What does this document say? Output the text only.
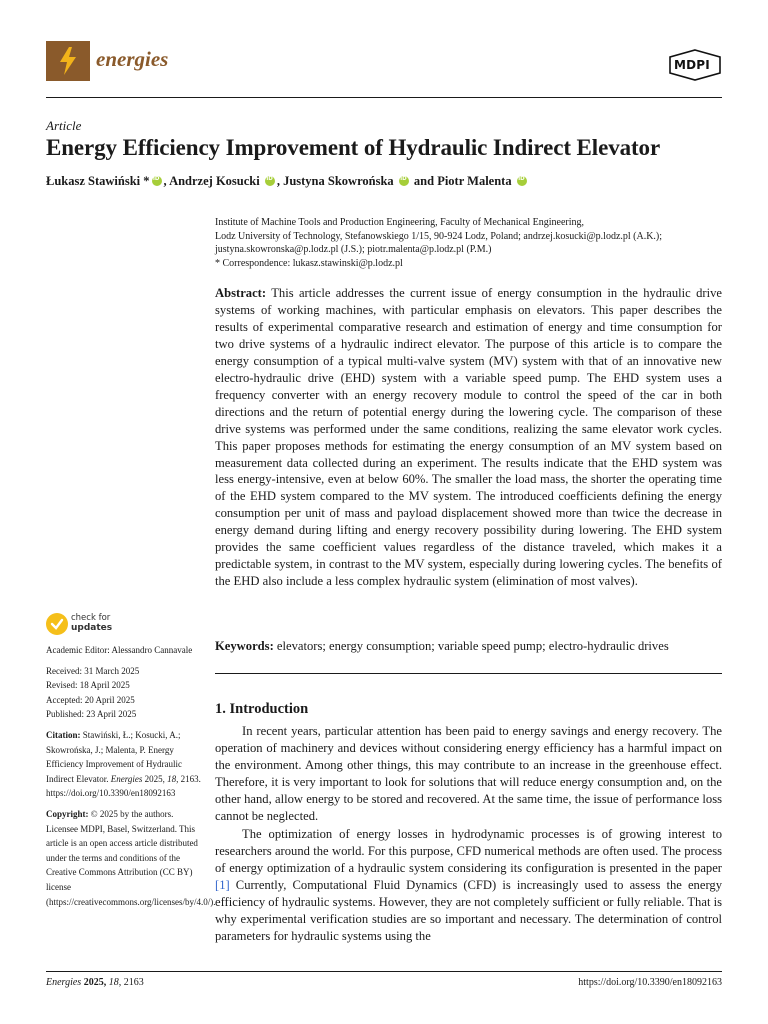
energies	MDPI
Article
Energy Efficiency Improvement of Hydraulic Indirect Elevator
Łukasz Stawiński * iD , Andrzej Kosucki iD , Justyna Skowrońska iD and Piotr Malenta iD
Institute of Machine Tools and Production Engineering, Faculty of Mechanical Engineering,
Lodz University of Technology, Stefanowskiego 1/15, 90-924 Lodz, Poland; andrzej.kosucki@p.lodz.pl (A.K.);
justyna.skowronska@p.lodz.pl (J.S.); piotr.malenta@p.lodz.pl (P.M.)
* Correspondence: lukasz.stawinski@p.lodz.pl
Abstract: This article addresses the current issue of energy consumption in the hydraulic drive systems of working machines, with particular emphasis on elevators. This paper describes the results of experimental comparative research and estimation of energy and time consumption for two drive systems of a hydraulic indirect elevator. The purpose of this article is to compare the energy consumption of a typical multi-valve system (MV) system with that of an innovative new electro-hydraulic drive (EHD) system with a variable speed pump. The EHD system uses a frequency converter with an energy recovery module to control the speed of the car in both directions and the return of potential energy during the lowering cycle. The comparison of these drive systems was performed under the same conditions, realizing the same elevator work cycles. This paper proposes methods for estimating the energy consumption of an MV system based on measurement data collected during an experiment. The results indicate that the EHD system was less energy-intensive, even at below 60%. The smaller the load mass, the shorter the operating time of the EHD system compared to the MV system. The introduced coefficients defining the energy consumption per unit of mass and payload displacement showed more than twice the decrease in energy demand during lifting and energy recovery possibility during lowering. The EHD system provides the same coefficient values regardless of the distance traveled, which makes it a predictable system, in contrast to the MV system, especially during lowering cycles. The benefits of the EHD also include a less complex hydraulic system (elimination of most valves).
Keywords: elevators; energy consumption; variable speed pump; electro-hydraulic drives
1. Introduction

In recent years, particular attention has been paid to energy savings and energy recovery. The operation of machinery and devices without considering energy efficiency has a harmful impact on the environment. Among other things, this may contribute to an increase in the greenhouse effect. Therefore, it is very important to look for solutions that will reduce energy consumption and, on the other hand, allow energy to be stored and recovered. At the same time, the issue of performance loss cannot be neglected.

The optimization of energy losses in hydrodynamic processes is of growing interest to researchers around the world. For this purpose, CFD numerical methods are often used. The process of energy optimization of a hydraulic system considering its configuration is presented in the paper [1] Currently, Computational Fluid Dynamics (CFD) is increasingly used to assess the energy efficiency of hydraulic systems. However, they are not completely sufficient or fully reliable. That is why experimental verification studies are so important and necessary. The determination of control parameters for hydraulic systems using the

check for
updates
Academic Editor: Alessandro Cannavale
Received: 31 March 2025
Revised: 18 April 2025
Accepted: 20 April 2025
Published: 23 April 2025
Citation: Stawiński, Ł.; Kosucki, A.; Skowrońska, J.; Malenta, P. Energy Efficiency Improvement of Hydraulic Indirect Elevator. Energies 2025, 18, 2163. https://doi.org/10.3390/en18092163
Copyright: © 2025 by the authors. Licensee MDPI, Basel, Switzerland. This article is an open access article distributed under the terms and conditions of the Creative Commons Attribution (CC BY) license (https://creativecommons.org/licenses/by/4.0/).
Energies 2025, 18, 2163	https://doi.org/10.3390/en18092163
